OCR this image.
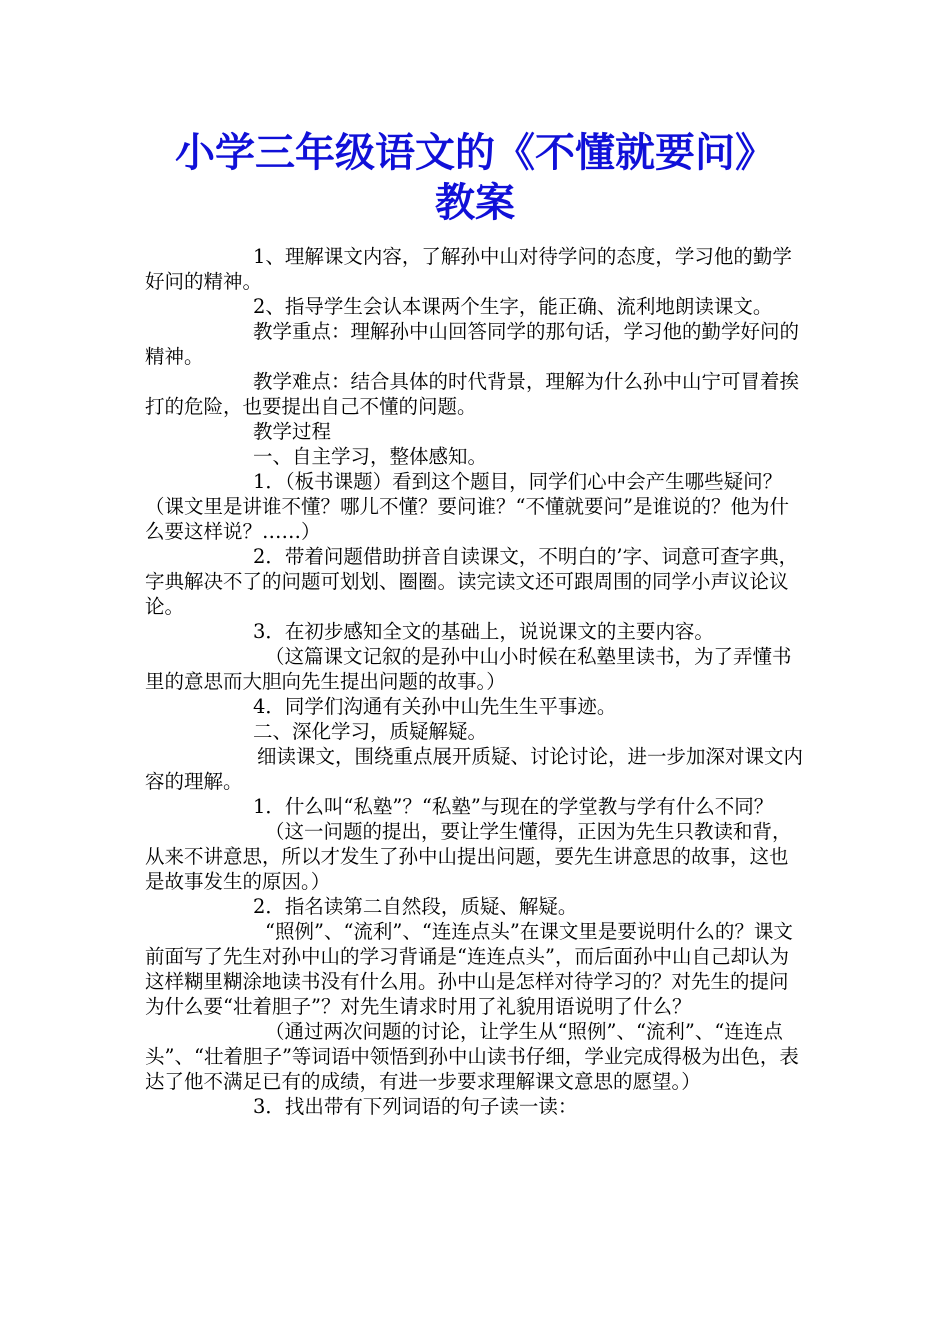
小学三年级语文的《不懂就要问》
教案

1、理解课文内容，了解孙中山对待学问的态度，学习他的勤学好问的精神。

2、指导学生会认本课两个生字，能正确、流利地朗读课文。

教学重点：理解孙中山回答同学的那句话，学习他的勤学好问的精神。

教学难点：结合具体的时代背景，理解为什么孙中山宁可冒着挨打的危险，也要提出自己不懂的问题。

教学过程

一、自主学习，整体感知。

1．（板书课题）看到这个题目，同学们心中会产生哪些疑问？（课文里是讲谁不懂？哪儿不懂？要问谁？“不懂就要问”是谁说的？他为什么要这样说？……）

2．带着问题借助拼音自读课文，不明白的’字、词意可查字典，字典解决不了的问题可划划、圈圈。读完读文还可跟周围的同学小声议论议论。

3．在初步感知全文的基础上，说说课文的主要内容。

（这篇课文记叙的是孙中山小时候在私塾里读书，为了弄懂书里的意思而大胆向先生提出问题的故事。）

4．同学们沟通有关孙中山先生生平事迹。

二、深化学习，质疑解疑。

细读课文，围绕重点展开质疑、讨论讨论，进一步加深对课文内容的理解。

1．什么叫“私塾”？“私塾”与现在的学堂教与学有什么不同？

（这一问题的提出，要让学生懂得，正因为先生只教读和背，从来不讲意思，所以才发生了孙中山提出问题，要先生讲意思的故事，这也是故事发生的原因。）

2．指名读第二自然段，质疑、解疑。

“照例”、“流利”、“连连点头”在课文里是要说明什么的？课文前面写了先生对孙中山的学习背诵是“连连点头”，而后面孙中山自己却认为这样糊里糊涂地读书没有什么用。孙中山是怎样对待学习的？对先生的提问为什么要“壮着胆子”？对先生请求时用了礼貌用语说明了什么？

（通过两次问题的讨论，让学生从“照例”、“流利”、“连连点头”、“壮着胆子”等词语中领悟到孙中山读书仔细，学业完成得极为出色，表达了他不满足已有的成绩，有进一步要求理解课文意思的愿望。）

3．找出带有下列词语的句子读一读：
